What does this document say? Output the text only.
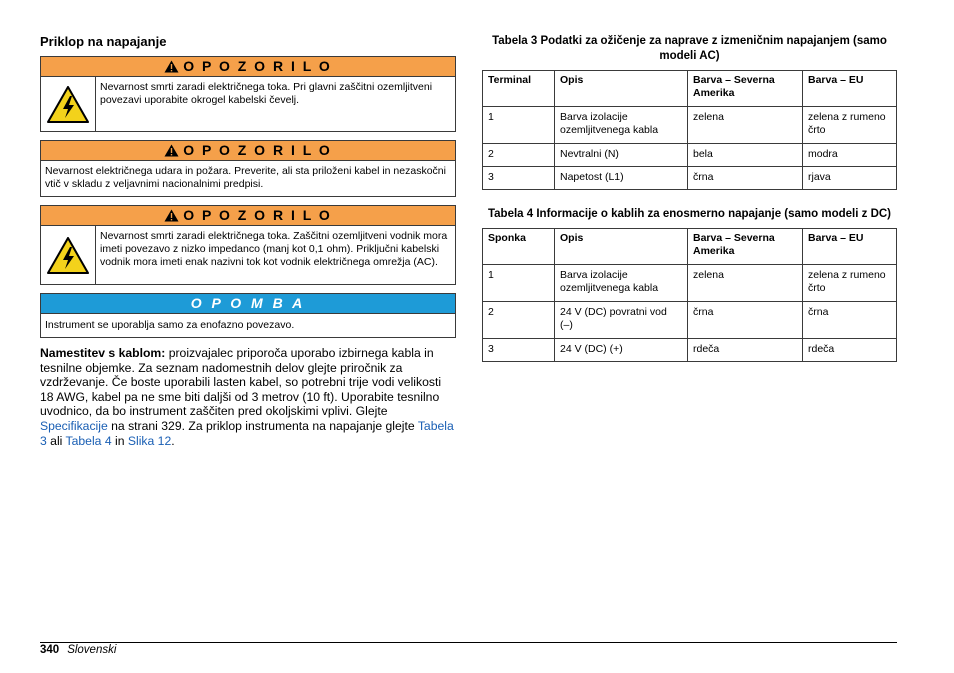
Priklop na napajanje
O P O Z O R I L O
Nevarnost smrti zaradi električnega toka. Pri glavni zaščitni ozemljitveni povezavi uporabite okrogel kabelski čevelj.
O P O Z O R I L O
Nevarnost električnega udara in požara. Preverite, ali sta priloženi kabel in nezaskočni vtič v skladu z veljavnimi nacionalnimi predpisi.
O P O Z O R I L O
Nevarnost smrti zaradi električnega toka. Zaščitni ozemljitveni vodnik mora imeti povezavo z nizko impedanco (manj kot 0,1 ohm). Priključni kabelski vodnik mora imeti enak nazivni tok kot vodnik električnega omrežja (AC).
O P O M B A
Instrument se uporablja samo za enofazno povezavo.
Namestitev s kablom: proizvajalec priporoča uporabo izbirnega kabla in tesnilne objemke. Za seznam nadomestnih delov glejte priročnik za vzdrževanje. Če boste uporabili lasten kabel, so potrebni trije vodi velikosti 18 AWG, kabel pa ne sme biti daljši od 3 metrov (10 ft). Uporabite tesnilno uvodnico, da bo instrument zaščiten pred okoljskimi vplivi. Glejte Specifikacije na strani 329. Za priklop instrumenta na napajanje glejte Tabela 3 ali Tabela 4 in Slika 12.
Tabela 3 Podatki za ožičenje za naprave z izmeničnim napajanjem (samo modeli AC)
Terminal	Opis	Barva – Severna Amerika	Barva – EU
1	Barva izolacije ozemljitvenega kabla	zelena	zelena z rumeno črto
2	Nevtralni (N)	bela	modra
3	Napetost (L1)	črna	rjava
Tabela 4 Informacije o kablih za enosmerno napajanje (samo modeli z DC)
Sponka	Opis	Barva – Severna Amerika	Barva – EU
1	Barva izolacije ozemljitvenega kabla	zelena	zelena z rumeno črto
2	24 V (DC) povratni vod (–)	črna	črna
3	24 V (DC) (+)	rdeča	rdeča
340 Slovenski
